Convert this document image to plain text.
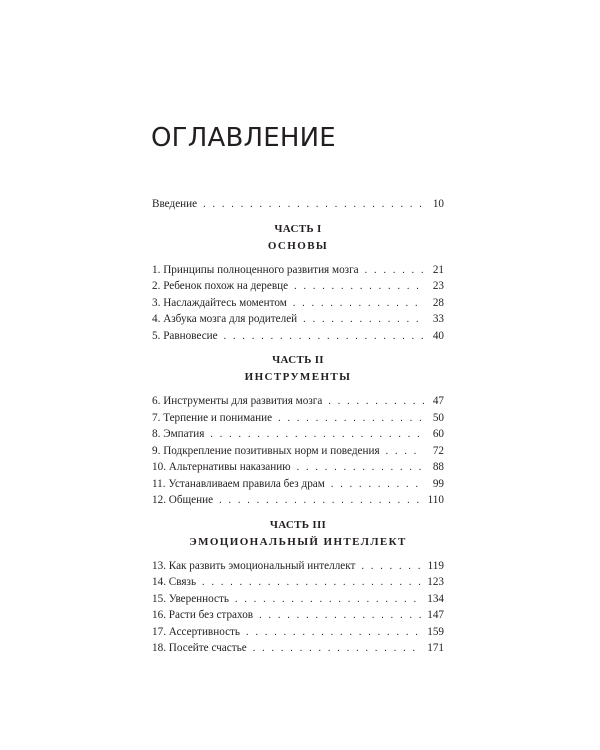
ОГЛАВЛЕНИЕ
Введение . . .	10
ЧАСТЬ I
ОСНОВЫ
1. Принципы полноценного развития мозга . . .	21
2. Ребенок похож на деревце . . .	23
3. Наслаждайтесь моментом . . .	28
4. Азбука мозга для родителей . . .	33
5. Равновесие . . .	40
ЧАСТЬ II
ИНСТРУМЕНТЫ
6. Инструменты для развития мозга . . .	47
7. Терпение и понимание . . .	50
8. Эмпатия . . .	60
9. Подкрепление позитивных норм и поведения . . .	72
10. Альтернативы наказанию . . .	88
11. Устанавливаем правила без драм . . .	99
12. Общение . . .	110
ЧАСТЬ III
ЭМОЦИОНАЛЬНЫЙ ИНТЕЛЛЕКТ
13. Как развить эмоциональный интеллект . . .	119
14. Связь . . .	123
15. Уверенность . . .	134
16. Расти без страхов . . .	147
17. Ассертивность . . .	159
18. Посейте счастье . . .	171
